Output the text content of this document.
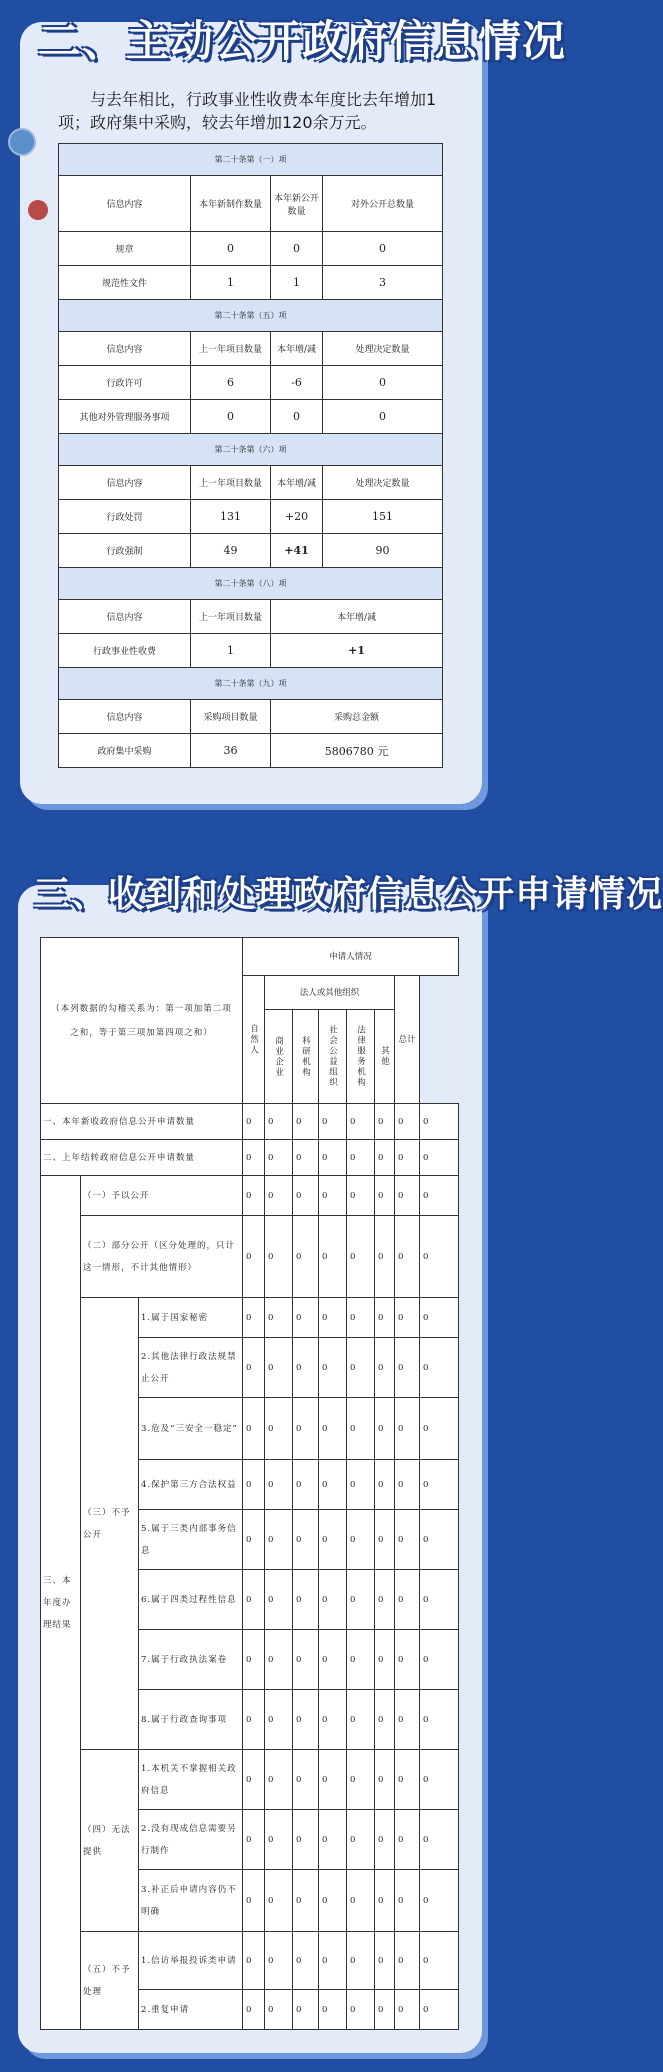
二、主动公开政府信息情况

与去年相比，行政事业性收费本年度比去年增加1项；政府集中采购，较去年增加120余万元。

第二十条第（一）项			
信息内容	本年新制作数量	本年新公开数量	对外公开总数量
规章	0	0	0
规范性文件	1	1	3
第二十条第（五）项			
信息内容	上一年项目数量	本年增/减	处理决定数量
行政许可	6	-6	0
其他对外管理服务事项	0	0	0
第二十条第（六）项			
信息内容	上一年项目数量	本年增/减	处理决定数量
行政处罚	131	+20	151
行政强制	49	+41	90
第二十条第（八）项			
信息内容	上一年项目数量	本年增/减	
行政事业性收费	1	+1	
第二十条第（九）项			
信息内容	采购项目数量	采购总金额	
政府集中采购	36	5806780 元	
三、收到和处理政府信息公开申请情况
（本列数据的勾稽关系为：第一项加第二项之和，等于第三项加第四项之和）			申请人情况							
			自然人	法人或其他组织					总计	
				商业企业	科研机构	社会公益组织	法律服务机构	其他		
一、本年新收政府信息公开申请数量			0	0	0	0	0	0	0	0
二、上年结转政府信息公开申请数量			0	0	0	0	0	0	0	0
三、本年度办理结果	（一）予以公开		0	0	0	0	0	0	0	0
	（二）部分公开（区分处理的，只计这一情形，不计其他情形）		0	0	0	0	0	0	0	0
	（三）不予公开	1.属于国家秘密	0	0	0	0	0	0	0	0
		2.其他法律行政法规禁止公开	0	0	0	0	0	0	0	0
		3.危及“三安全一稳定”	0	0	0	0	0	0	0	0
		4.保护第三方合法权益	0	0	0	0	0	0	0	0
		5.属于三类内部事务信息	0	0	0	0	0	0	0	0
		6.属于四类过程性信息	0	0	0	0	0	0	0	0
		7.属于行政执法案卷	0	0	0	0	0	0	0	0
		8.属于行政查询事项	0	0	0	0	0	0	0	0
	（四）无法提供	1.本机关不掌握相关政府信息	0	0	0	0	0	0	0	0
		2.没有现成信息需要另行制作	0	0	0	0	0	0	0	0
		3.补正后申请内容仍不明确	0	0	0	0	0	0	0	0
	（五）不予处理	1.信访举报投诉类申请	0	0	0	0	0	0	0	0
		2.重复申请	0	0	0	0	0	0	0	0
